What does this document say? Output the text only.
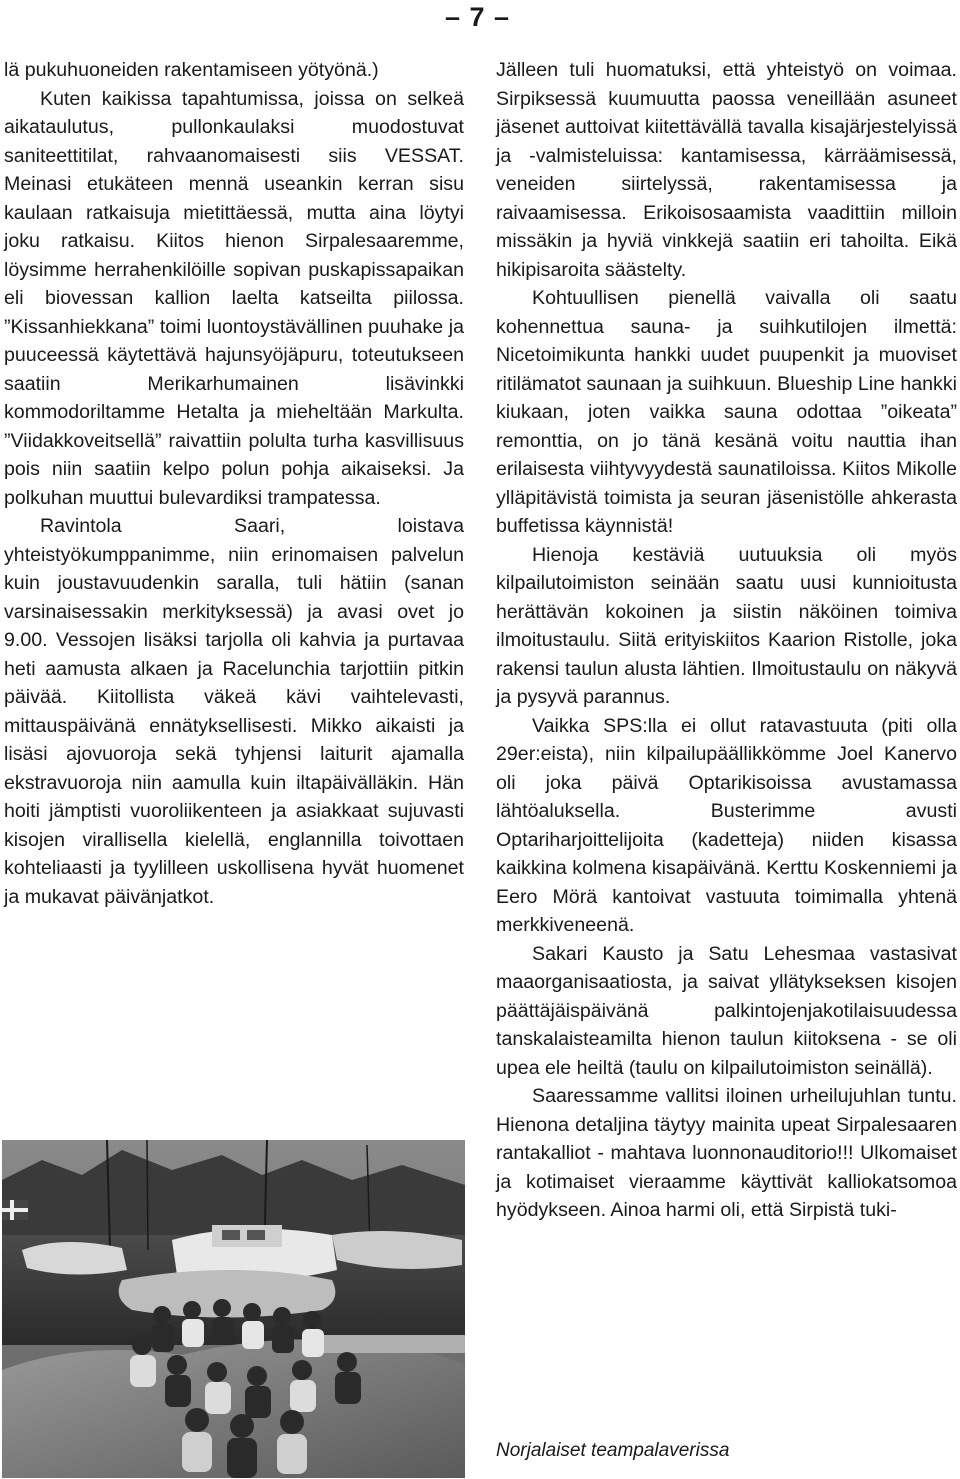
– 7 –

lä pukuhuoneiden rakentamiseen yötyönä.)

Kuten kaikissa tapahtumissa, joissa on selkeä aikataulutus, pullonkaulaksi muodostuvat saniteettitilat, rahvaanomaisesti siis VESSAT. Meinasi etukäteen mennä useankin kerran sisu kaulaan ratkaisuja mietittäessä, mutta aina löytyi joku ratkaisu. Kiitos hienon Sirpalesaaremme, löysimme herrahenkilöille sopivan puskapissapaikan eli biovessan kallion laelta katseilta piilossa. ”Kissanhiekkana” toimi luontoystävällinen puuhake ja puuceessä käytettävä hajunsyöjäpuru, toteutukseen saatiin Merikarhumainen lisävinkki kommodoriltamme Hetalta ja mieheltään Markulta. ”Viidakkoveitsellä” raivattiin polulta turha kasvillisuus pois niin saatiin kelpo polun pohja aikaiseksi. Ja polkuhan muuttui bulevardiksi trampatessa.

Ravintola Saari, loistava yhteistyökumppanimme, niin erinomaisen palvelun kuin joustavuudenkin saralla, tuli hätiin (sanan varsinaisessakin merkityksessä) ja avasi ovet jo 9.00. Vessojen lisäksi tarjolla oli kahvia ja purtavaa heti aamusta alkaen ja Racelunchia tarjottiin pitkin päivää. Kiitollista väkeä kävi vaihtelevasti, mittauspäivänä ennätyksellisesti. Mikko aikaisti ja lisäsi ajovuoroja sekä tyhjensi laiturit ajamalla ekstravuoroja niin aamulla kuin iltapäivälläkin. Hän hoiti jämptisti vuoroliikenteen ja asiakkaat sujuvasti kisojen virallisella kielellä, englannilla toivottaen kohteliaasti ja tyylilleen uskollisena hyvät huomenet ja mukavat päivänjatkot.

Jälleen tuli huomatuksi, että yhteistyö on voimaa. Sirpiksessä kuumuutta paossa veneillään asuneet jäsenet auttoivat kiitettävällä tavalla kisajärjestelyissä ja -valmisteluissa: kantamisessa, kärräämisessä, veneiden siirtelyssä, rakentamisessa ja raivaamisessa. Erikoisosaamista vaadittiin milloin missäkin ja hyviä vinkkejä saatiin eri tahoilta. Eikä hikipisaroita säästelty.

Kohtuullisen pienellä vaivalla oli saatu kohennettua sauna- ja suihkutilojen ilmettä: Nicetoimikunta hankki uudet puupenkit ja muoviset ritilämatot saunaan ja suihkuun. Blueship Line hankki kiukaan, joten vaikka sauna odottaa ”oikeata” remonttia, on jo tänä kesänä voitu nauttia ihan erilaisesta viihtyvyydestä saunatiloissa. Kiitos Mikolle ylläpitävistä toimista ja seuran jäsenistölle ahkerasta buffetissa käynnistä!

Hienoja kestäviä uutuuksia oli myös kilpailutoimiston seinään saatu uusi kunnioitusta herättävän kokoinen ja siistin näköinen toimiva ilmoitustaulu. Siitä erityiskiitos Kaarion Ristolle, joka rakensi taulun alusta lähtien. Ilmoitustaulu on näkyvä ja pysyvä parannus.

Vaikka SPS:lla ei ollut ratavastuuta (piti olla 29er:eista), niin kilpailupäällikkömme Joel Kanervo oli joka päivä Optarikisoissa avustamassa lähtöaluksella. Busterimme avusti Optariharjoittelijoita (kadetteja) niiden kisassa kaikkina kolmena kisapäivänä. Kerttu Koskenniemi ja Eero Mörä kantoivat vastuuta toimimalla yhtenä merkkiveneenä.

Sakari Kausto ja Satu Lehesmaa vastasivat maaorganisaatiosta, ja saivat yllätykseksen kisojen päättäjäispäivänä palkintojenjakotilaisuudessa tanskalaisteamilta hienon taulun kiitoksena - se oli upea ele heiltä (taulu on kilpailutoimiston seinällä).

Saaressamme vallitsi iloinen urheilujuhlan tuntu. Hienona detaljina täytyy mainita upeat Sirpalesaaren rantakalliot - mahtava luonnonauditorio!!! Ulkomaiset ja kotimaiset vieraamme käyttivät kalliokatsomoa hyödykseen. Ainoa harmi oli, että Sirpistä tuki-

Norjalaiset teampalaverissa
